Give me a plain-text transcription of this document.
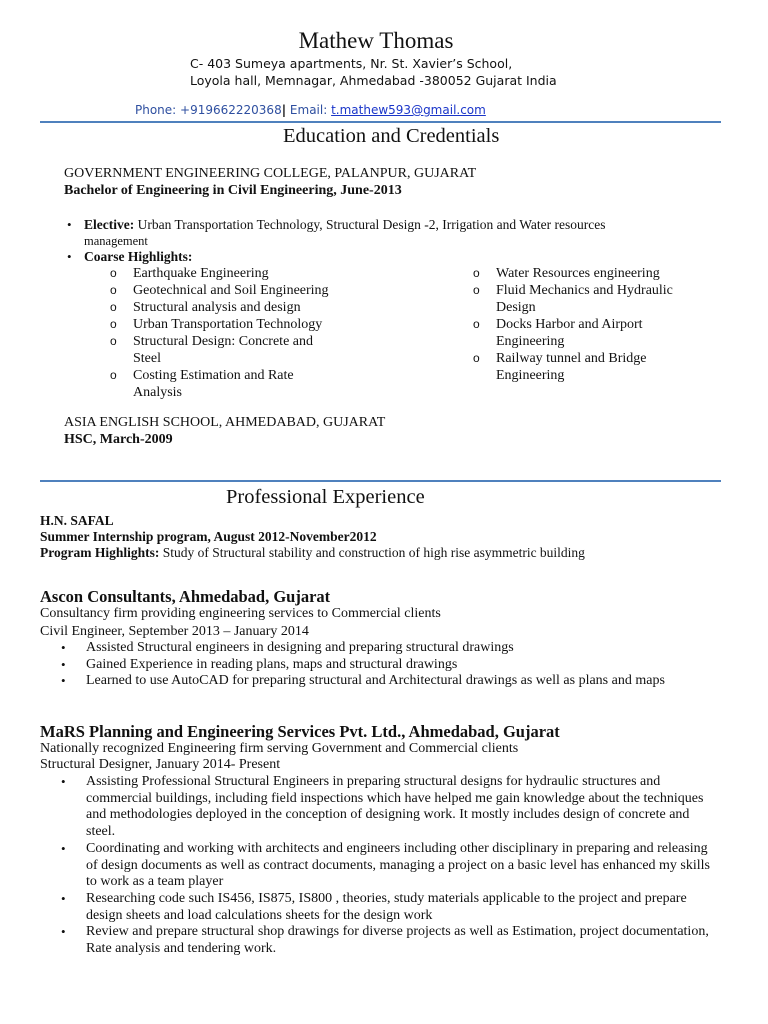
Mathew Thomas
C- 403 Sumeya apartments, Nr. St. Xavier’s School,
Loyola hall, Memnagar, Ahmedabad -380052 Gujarat India
Phone: +919662220368| Email: t.mathew593@gmail.com
Education and Credentials
GOVERNMENT ENGINEERING COLLEGE, PALANPUR, GUJARAT
Bachelor of Engineering in Civil Engineering, June-2013
• Elective: Urban Transportation Technology, Structural Design -2, Irrigation and Water resources
management
• Coarse Highlights:
o Earthquake Engineering
o Geotechnical and Soil Engineering
o Structural analysis and design
o Urban Transportation Technology
o Structural Design: Concrete and Steel
o Costing Estimation and Rate Analysis
o Water Resources engineering
o Fluid Mechanics and Hydraulic Design
o Docks Harbor and Airport Engineering
o Railway tunnel and Bridge Engineering
ASIA ENGLISH SCHOOL, AHMEDABAD, GUJARAT
HSC, March-2009
Professional Experience
H.N. SAFAL
Summer Internship program, August 2012-November2012
Program Highlights: Study of Structural stability and construction of high rise asymmetric building
Ascon Consultants, Ahmedabad, Gujarat
Consultancy firm providing engineering services to Commercial clients
Civil Engineer, September 2013 – January 2014
• Assisted Structural engineers in designing and preparing structural drawings
• Gained Experience in reading plans, maps and structural drawings
• Learned to use AutoCAD for preparing structural and Architectural drawings as well as plans and maps
MaRS Planning and Engineering Services Pvt. Ltd., Ahmedabad, Gujarat
Nationally recognized Engineering firm serving Government and Commercial clients
Structural Designer, January 2014- Present
• Assisting Professional Structural Engineers in preparing structural designs for hydraulic structures and commercial buildings, including field inspections which have helped me gain knowledge about the techniques and methodologies deployed in the conception of designing work. It mostly includes design of concrete and steel.
• Coordinating and working with architects and engineers including other disciplinary in preparing and releasing of design documents as well as contract documents, managing a project on a basic level has enhanced my skills to work as a team player
• Researching code such IS456, IS875, IS800 , theories, study materials applicable to the project and prepare design sheets and load calculations sheets for the design work
• Review and prepare structural shop drawings for diverse projects as well as Estimation, project documentation, Rate analysis and tendering work.
